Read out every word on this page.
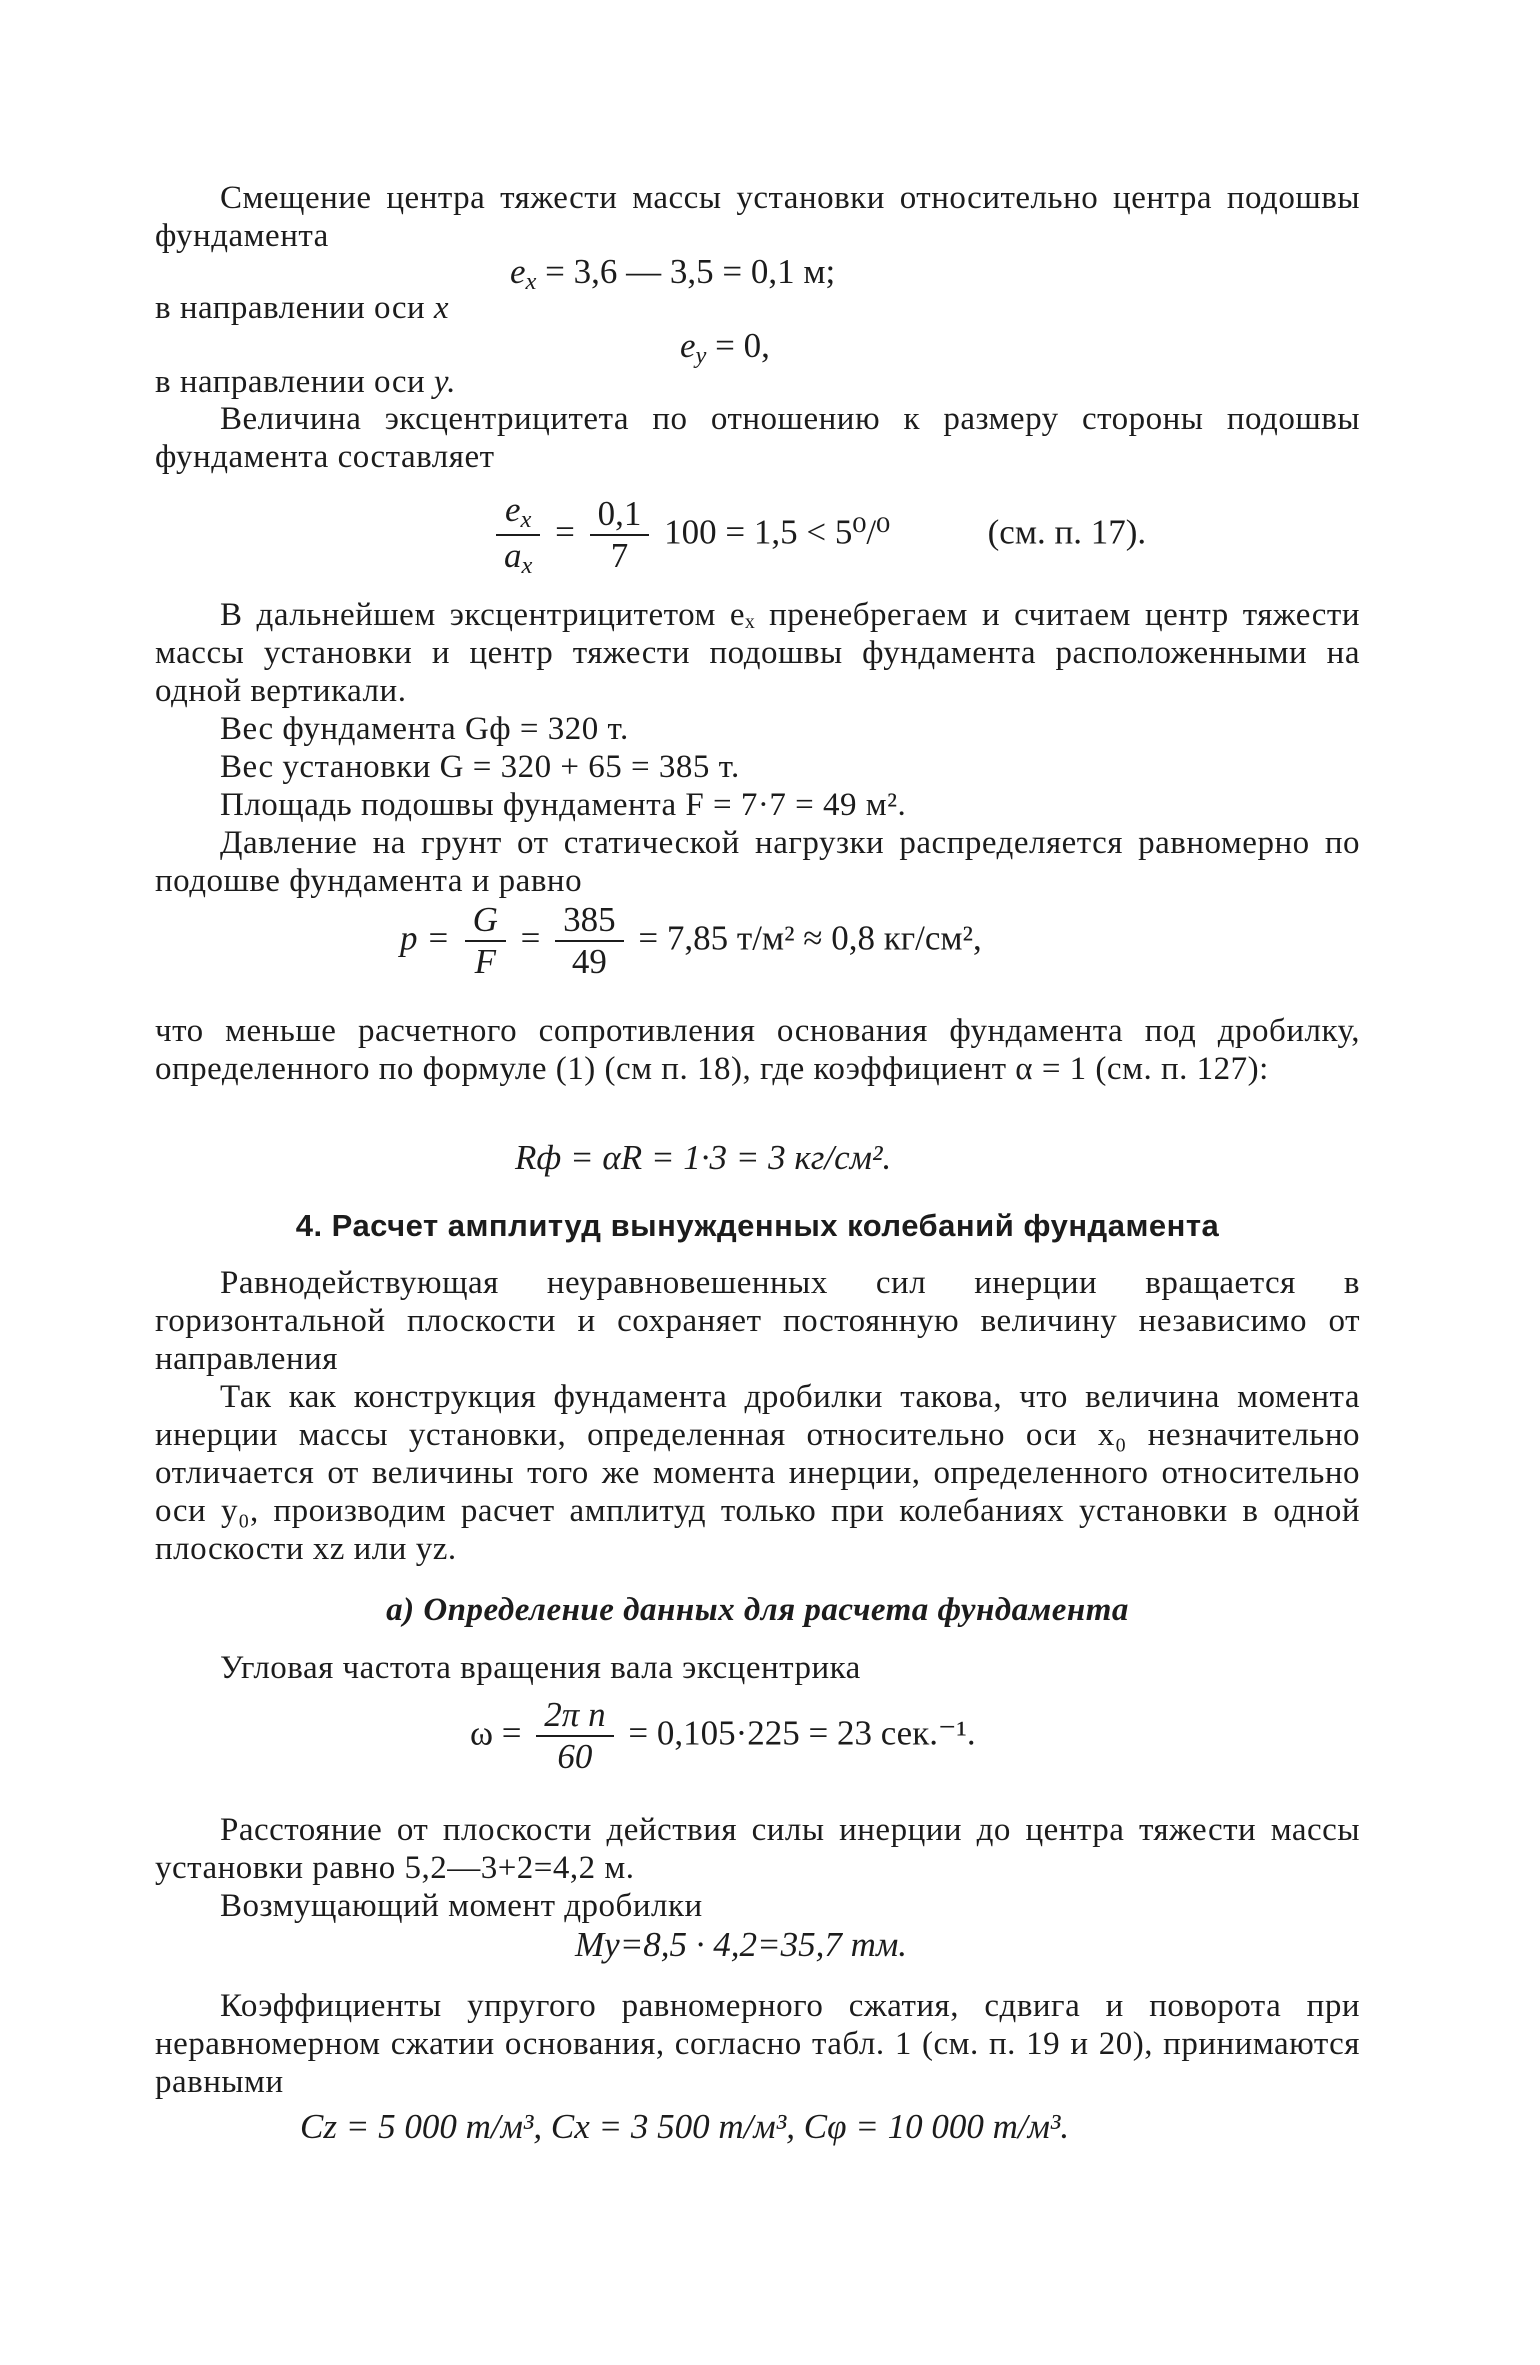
Смещение центра тяжести массы установки относительно центра подошвы фундамента

$e_x = 3,6$ — 3,5 = 0,1 м;

в направлении оси x

$e_y = 0$,

в направлении оси y.

Величина эксцентрицитета по отношению к размеру стороны подошвы фундамента составляет

$\frac{e_x}{a_x} = \frac{0,1}{7} 100 = 1,5 < 5^0/^0$	(см. п. 17).

В дальнейшем эксцентрицитетом eₓ пренебрегаем и считаем центр тяжести массы установки и центр тяжести подошвы фундамента расположенными на одной вертикали.

Вес фундамента Gф = 320 т.

Вес установки G = 320 + 65 = 385 т.

Площадь подошвы фундамента F = 7·7 = 49 м².

Давление на грунт от статической нагрузки распределяется равномерно по подошве фундамента и равно

$p = \frac{G}{F} = \frac{385}{49} = 7,85$ т/м² ≈ 0,8 кг/см²,

что меньше расчетного сопротивления основания фундамента под дробилку, определенного по формуле (1) (см п. 18), где коэффициент α = 1 (см. п. 127):

Rф = αR = 1·3 = 3 кг/см².
4. Расчет амплитуд вынужденных колебаний фундамента

Равнодействующая неуравновешенных сил инерции вращается в горизонтальной плоскости и сохраняет постоянную величину независимо от направления

Так как конструкция фундамента дробилки такова, что величина момента инерции массы установки, определенная относительно оси x₀ незначительно отличается от величины того же момента инерции, определенного относительно оси y₀, производим расчет амплитуд только при колебаниях установки в одной плоскости xz или yz.

а) Определение данных для расчета фундамента

Угловая частота вращения вала эксцентрика

$\omega = \frac{\text{2π n}}{60} = 0,105\cdot 225 = 23$ сек.⁻¹.

Расстояние от плоскости действия силы инерции до центра тяжести массы установки равно 5,2—3+2=4,2 м.

Возмущающий момент дробилки

Mу=8,5 · 4,2=35,7 тм.

Коэффициенты упругого равномерного сжатия, сдвига и поворота при неравномерном сжатии основания, согласно табл. 1 (см. п. 19 и 20), принимаются равными

Cz = 5 000 т/м³, Cx = 3 500 т/м³, Cφ = 10 000 т/м³.
